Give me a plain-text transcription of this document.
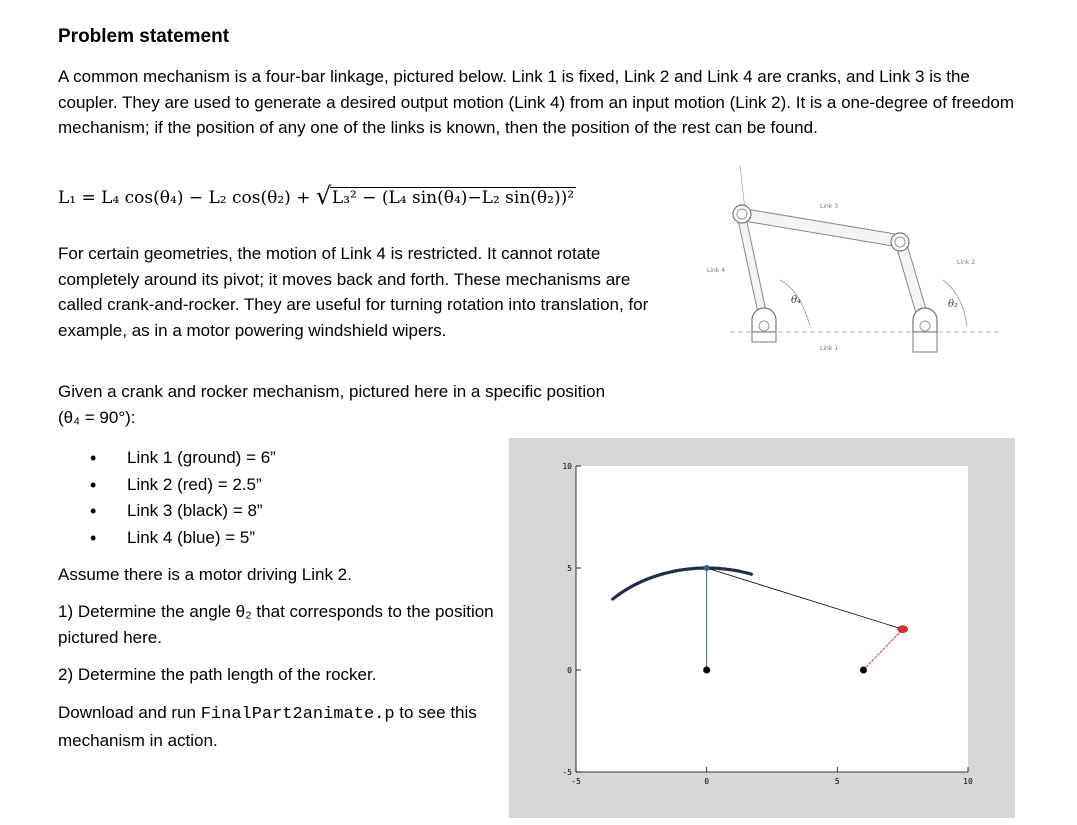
Problem statement
A common mechanism is a four-bar linkage, pictured below. Link 1 is fixed, Link 2 and Link 4 are cranks, and Link 3 is the coupler. They are used to generate a desired output motion (Link 4) from an input motion (Link 2). It is a one-degree of freedom mechanism; if the position of any one of the links is known, then the position of the rest can be found.
L₁ = L₄ cos(θ₄) − L₂ cos(θ₂) + √ L₃² − (L₄ sin(θ₄)−L₂ sin(θ₂))²	Link 3
Link 4
Link 2
Link 1
θ₄	θ₂
For certain geometries, the motion of Link 4 is restricted. It cannot rotate completely around its pivot; it moves back and forth. These mechanisms are called crank-and-rocker. They are useful for turning rotation into translation, for example, as in a motor powering windshield wipers.
Given a crank and rocker mechanism, pictured here in a specific position (θ₄ = 90°):
• Link 1 (ground) = 6”
• Link 2 (red) = 2.5”
• Link 3 (black) = 8”
• Link 4 (blue) = 5”
Assume there is a motor driving Link 2.
1) Determine the angle θ₂ that corresponds to the position pictured here.
2) Determine the path length of the rocker.
Download and run FinalPart2animate.p to see this mechanism in action.
-5
0
5
10
-5	0	5	10
